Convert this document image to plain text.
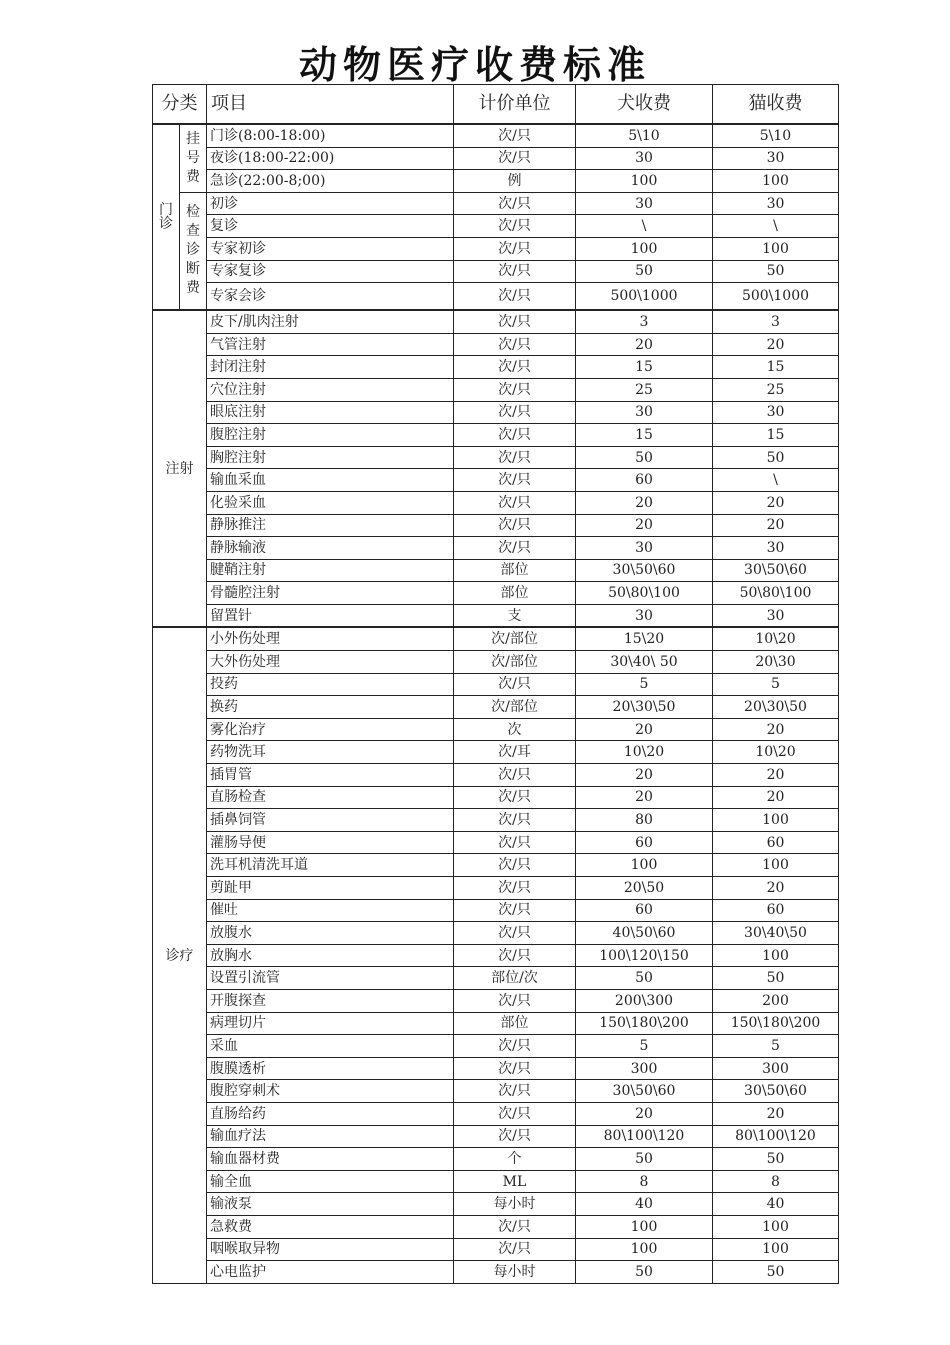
动物医疗收费标准
分类		项目	计价单位	犬收费	猫收费
门诊	挂号费	门诊(8:00-18:00)	次/只	5\10	5\10
		夜诊(18:00-22:00)	次/只	30	30
		急诊(22:00-8;00)	例	100	100
	检查诊断费	初诊	次/只	30	30
		复诊	次/只	\	\
		专家初诊	次/只	100	100
		专家复诊	次/只	50	50
		专家会诊	次/只	500\1000	500\1000
注射		皮下/肌肉注射	次/只	3	3
		气管注射	次/只	20	20
		封闭注射	次/只	15	15
		穴位注射	次/只	25	25
		眼底注射	次/只	30	30
		腹腔注射	次/只	15	15
		胸腔注射	次/只	50	50
		输血采血	次/只	60	\
		化验采血	次/只	20	20
		静脉推注	次/只	20	20
		静脉输液	次/只	30	30
		腱鞘注射	部位	30\50\60	30\50\60
		骨髓腔注射	部位	50\80\100	50\80\100
		留置针	支	30	30
诊疗		小外伤处理	次/部位	15\20	10\20
		大外伤处理	次/部位	30\40\ 50	20\30
		投药	次/只	5	5
		换药	次/部位	20\30\50	20\30\50
		雾化治疗	次	20	20
		药物洗耳	次/耳	10\20	10\20
		插胃管	次/只	20	20
		直肠检查	次/只	20	20
		插鼻饲管	次/只	80	100
		灌肠导便	次/只	60	60
		洗耳机清洗耳道	次/只	100	100
		剪趾甲	次/只	20\50	20
		催吐	次/只	60	60
		放腹水	次/只	40\50\60	30\40\50
		放胸水	次/只	100\120\150	100
		设置引流管	部位/次	50	50
		开腹探查	次/只	200\300	200
		病理切片	部位	150\180\200	150\180\200
		采血	次/只	5	5
		腹膜透析	次/只	300	300
		腹腔穿刺术	次/只	30\50\60	30\50\60
		直肠给药	次/只	20	20
		输血疗法	次/只	80\100\120	80\100\120
		输血器材费	个	50	50
		输全血	ML	8	8
		输液泵	每小时	40	40
		急救费	次/只	100	100
		咽喉取异物	次/只	100	100
		心电监护	每小时	50	50
